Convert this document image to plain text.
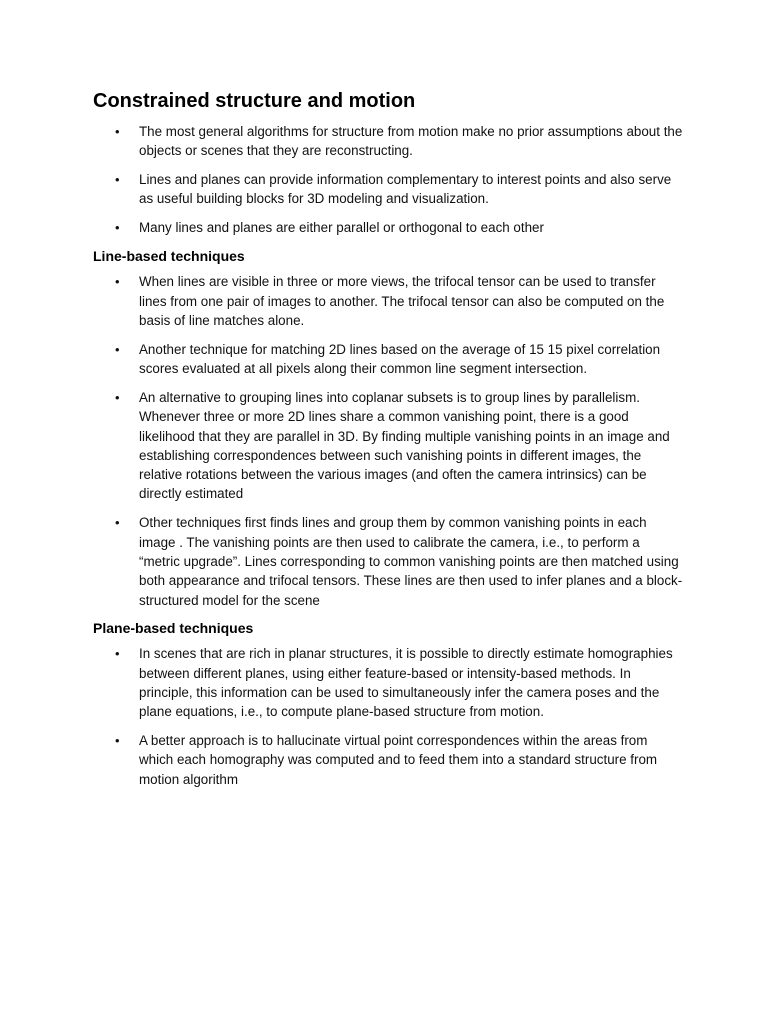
Constrained structure and motion
• The most general algorithms for structure from motion make no prior assumptions about the objects or scenes that they are reconstructing.
• Lines and planes can provide information complementary to interest points and also serve as useful building blocks for 3D modeling and visualization.
• Many lines and planes are either parallel or orthogonal to each other
Line-based techniques
• When lines are visible in three or more views, the trifocal tensor can be used to transfer lines from one pair of images to another. The trifocal tensor can also be computed on the basis of line matches alone.
• Another technique for matching 2D lines based on the average of 15 15 pixel correlation scores evaluated at all pixels along their common line segment intersection.
• An alternative to grouping lines into coplanar subsets is to group lines by parallelism. Whenever three or more 2D lines share a common vanishing point, there is a good likelihood that they are parallel in 3D. By finding multiple vanishing points in an image and establishing correspondences between such vanishing points in different images, the relative rotations between the various images (and often the camera intrinsics) can be directly estimated
• Other techniques first finds lines and group them by common vanishing points in each image . The vanishing points are then used to calibrate the camera, i.e., to perform a “metric upgrade”. Lines corresponding to common vanishing points are then matched using both appearance and trifocal tensors. These lines are then used to infer planes and a block-structured model for the scene
Plane-based techniques
• In scenes that are rich in planar structures, it is possible to directly estimate homographies between different planes, using either feature-based or intensity-based methods. In principle, this information can be used to simultaneously infer the camera poses and the plane equations, i.e., to compute plane-based structure from motion.
• A better approach is to hallucinate virtual point correspondences within the areas from which each homography was computed and to feed them into a standard structure from motion algorithm
